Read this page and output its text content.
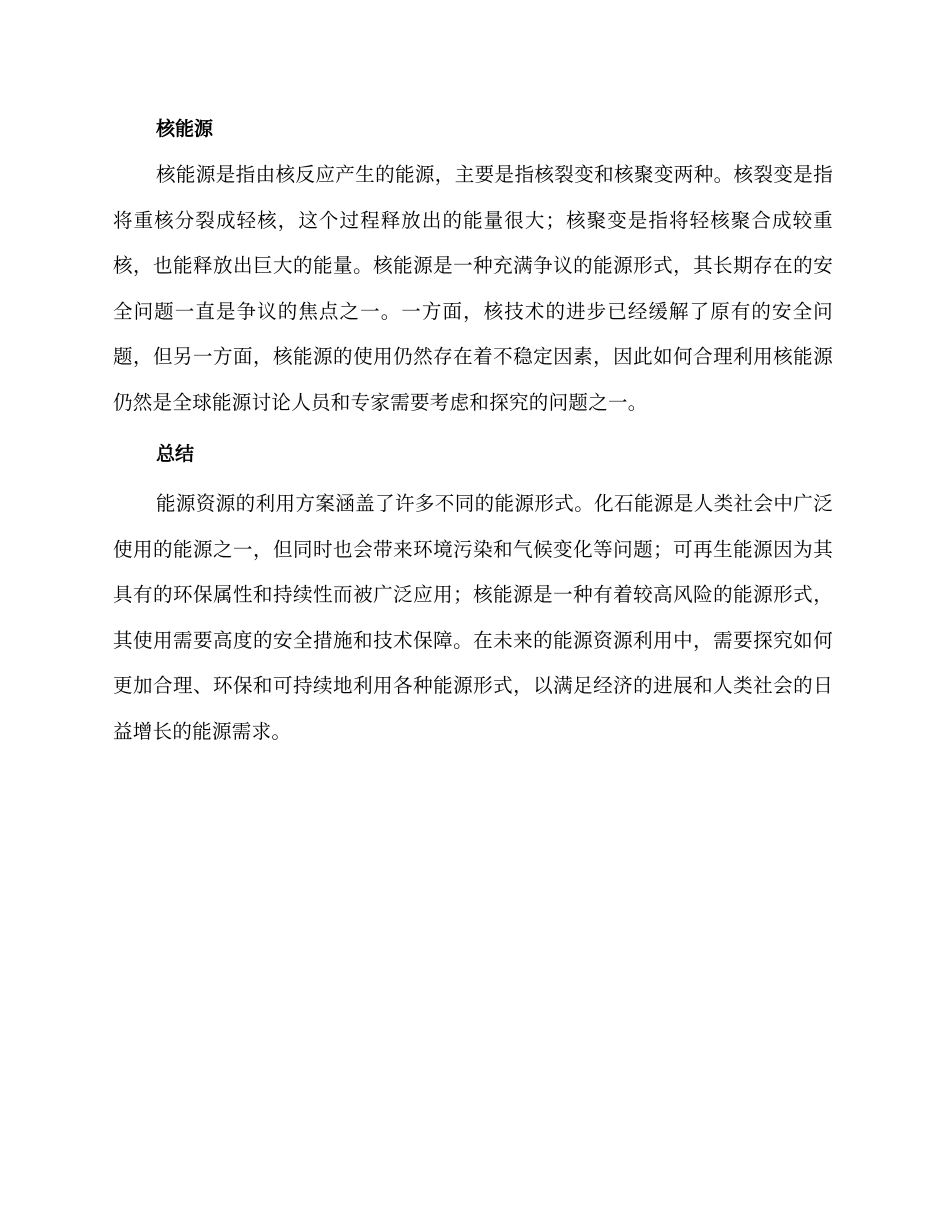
核能源

核能源是指由核反应产生的能源，主要是指核裂变和核聚变两种。核裂变是指将重核分裂成轻核，这个过程释放出的能量很大；核聚变是指将轻核聚合成较重核，也能释放出巨大的能量。核能源是一种充满争议的能源形式，其长期存在的安全问题一直是争议的焦点之一。一方面，核技术的进步已经缓解了原有的安全问题，但另一方面，核能源的使用仍然存在着不稳定因素，因此如何合理利用核能源仍然是全球能源讨论人员和专家需要考虑和探究的问题之一。

总结

能源资源的利用方案涵盖了许多不同的能源形式。化石能源是人类社会中广泛使用的能源之一，但同时也会带来环境污染和气候变化等问题；可再生能源因为其具有的环保属性和持续性而被广泛应用；核能源是一种有着较高风险的能源形式，其使用需要高度的安全措施和技术保障。在未来的能源资源利用中，需要探究如何更加合理、环保和可持续地利用各种能源形式，以满足经济的进展和人类社会的日益增长的能源需求。
